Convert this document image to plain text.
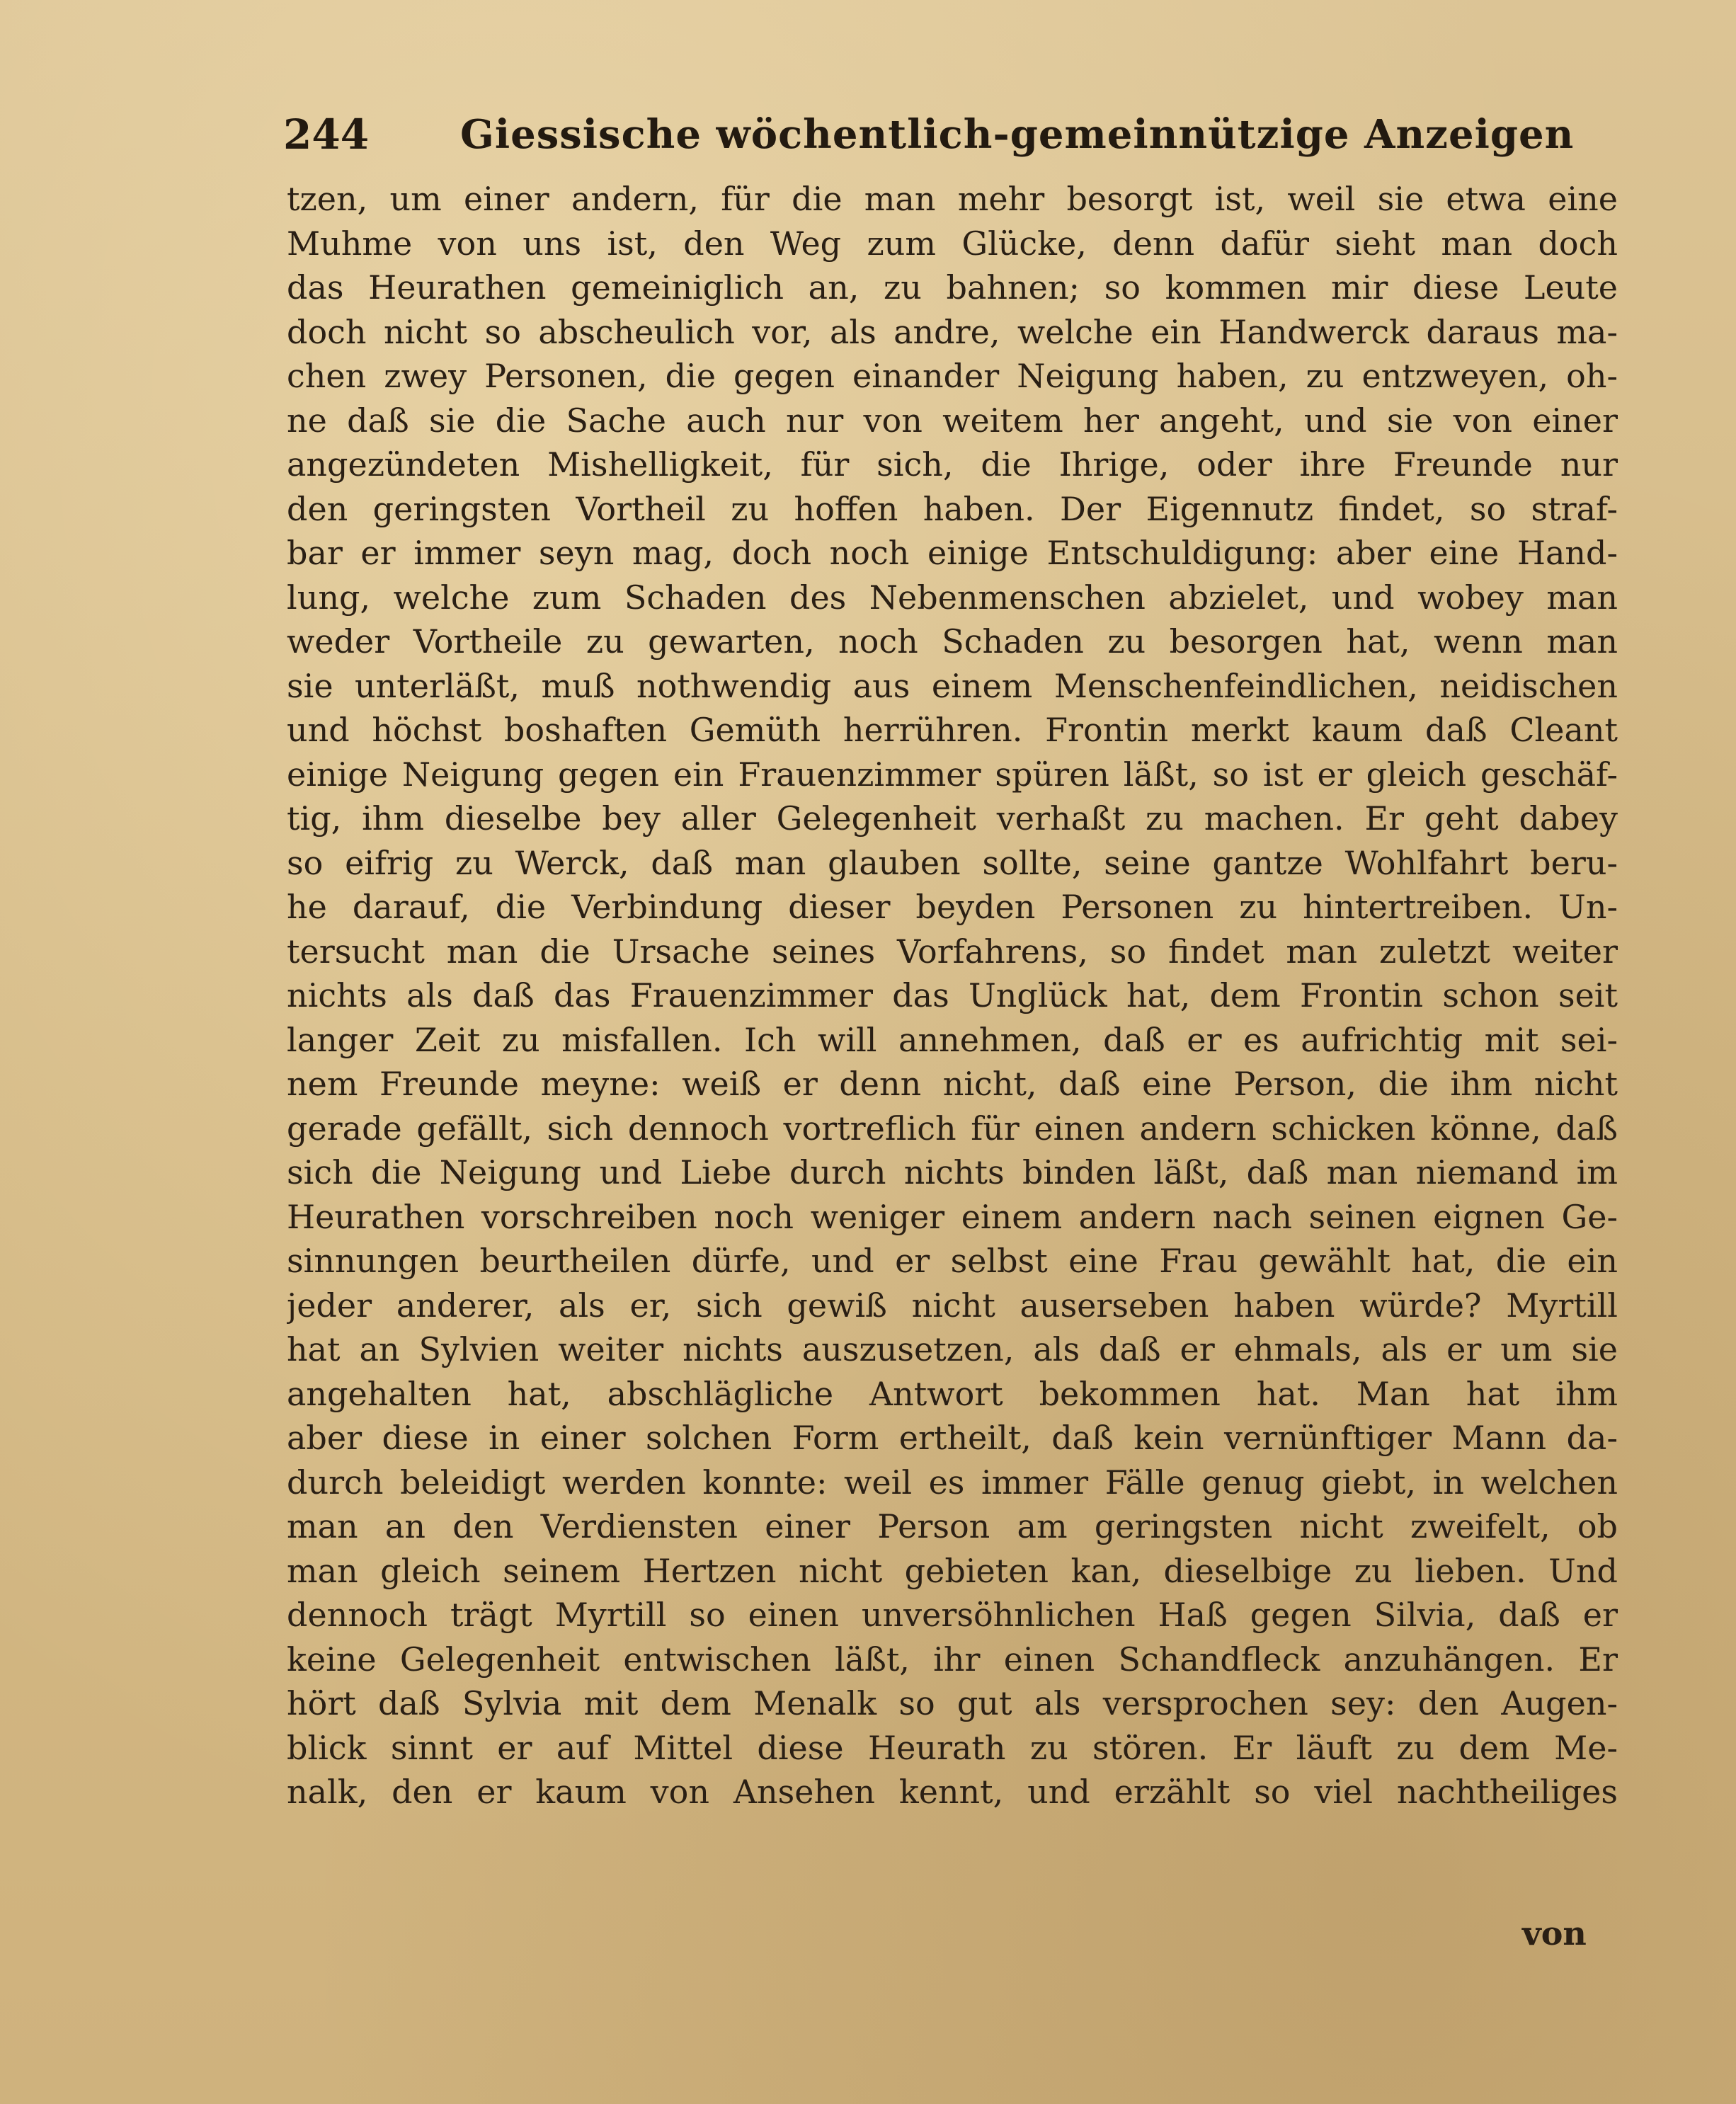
244 Giessische wöchentlich-gemeinnützige Anzeigen
tzen, um einer andern, für die man mehr besorgt ist, weil sie etwa eine
Muhme von uns ist, den Weg zum Glücke, denn dafür sieht man doch
das Heurathen gemeiniglich an, zu bahnen; so kommen mir diese Leute
doch nicht so abscheulich vor, als andre, welche ein Handwerck daraus ma-
chen zwey Personen, die gegen einander Neigung haben, zu entzweyen, oh-
ne daß sie die Sache auch nur von weitem her angeht, und sie von einer
angezündeten Mishelligkeit, für sich, die Ihrige, oder ihre Freunde nur
den geringsten Vortheil zu hoffen haben. Der Eigennutz findet, so straf-
bar er immer seyn mag, doch noch einige Entschuldigung: aber eine Hand-
lung, welche zum Schaden des Nebenmenschen abzielet, und wobey man
weder Vortheile zu gewarten, noch Schaden zu besorgen hat, wenn man
sie unterläßt, muß nothwendig aus einem Menschenfeindlichen, neidischen
und höchst boshaften Gemüth herrühren. Frontin merkt kaum daß Cleant
einige Neigung gegen ein Frauenzimmer spüren läßt, so ist er gleich geschäf-
tig, ihm dieselbe bey aller Gelegenheit verhaßt zu machen. Er geht dabey
so eifrig zu Werck, daß man glauben sollte, seine gantze Wohlfahrt beru-
he darauf, die Verbindung dieser beyden Personen zu hintertreiben. Un-
tersucht man die Ursache seines Vorfahrens, so findet man zuletzt weiter
nichts als daß das Frauenzimmer das Unglück hat, dem Frontin schon seit
langer Zeit zu misfallen. Ich will annehmen, daß er es aufrichtig mit sei-
nem Freunde meyne: weiß er denn nicht, daß eine Person, die ihm nicht
gerade gefällt, sich dennoch vortreflich für einen andern schicken könne, daß
sich die Neigung und Liebe durch nichts binden läßt, daß man niemand im
Heurathen vorschreiben noch weniger einem andern nach seinen eignen Ge-
sinnungen beurtheilen dürfe, und er selbst eine Frau gewählt hat, die ein
jeder anderer, als er, sich gewiß nicht auserseben haben würde? Myrtill
hat an Sylvien weiter nichts auszusetzen, als daß er ehmals, als er um sie
angehalten hat, abschlägliche Antwort bekommen hat. Man hat ihm
aber diese in einer solchen Form ertheilt, daß kein vernünftiger Mann da-
durch beleidigt werden konnte: weil es immer Fälle genug giebt, in welchen
man an den Verdiensten einer Person am geringsten nicht zweifelt, ob
man gleich seinem Hertzen nicht gebieten kan, dieselbige zu lieben. Und
dennoch trägt Myrtill so einen unversöhnlichen Haß gegen Silvia, daß er
keine Gelegenheit entwischen läßt, ihr einen Schandfleck anzuhängen. Er
hört daß Sylvia mit dem Menalk so gut als versprochen sey: den Augen-
blick sinnt er auf Mittel diese Heurath zu stören. Er läuft zu dem Me-
nalk, den er kaum von Ansehen kennt, und erzählt so viel nachtheiliges
von
